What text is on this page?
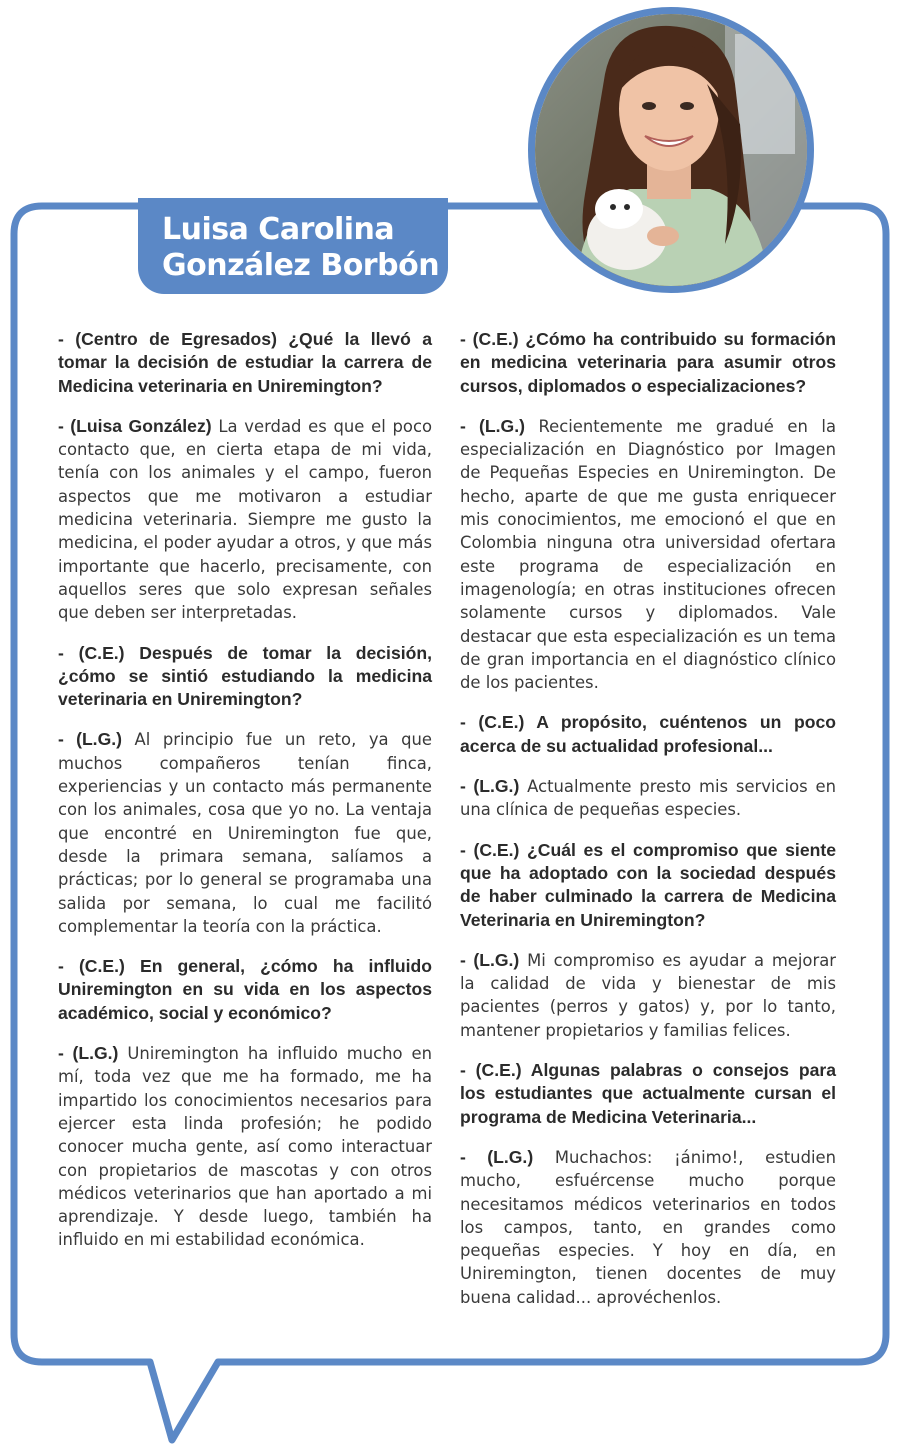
Luisa Carolina
González Borbón

- (Centro de Egresados) ¿Qué la llevó a tomar la decisión de estudiar la carrera de Medicina veterinaria en Uniremington?

- (Luisa González) La verdad es que el poco contacto que, en cierta etapa de mi vida, tenía con los animales y el campo, fueron aspectos que me motivaron a estudiar medicina veterinaria. Siempre me gusto la medicina, el poder ayudar a otros, y que más importante que hacerlo, precisamente, con aquellos seres que solo expresan señales que deben ser interpretadas.

- (C.E.) Después de tomar la decisión, ¿cómo se sintió estudiando la medicina veterinaria en Uniremington?

- (L.G.) Al principio fue un reto, ya que muchos compañeros tenían finca, experiencias y un contacto más permanente con los animales, cosa que yo no. La ventaja que encontré en Uniremington fue que, desde la primara semana, salíamos a prácticas; por lo general se programaba una salida por semana, lo cual me facilitó complementar la teoría con la práctica.

- (C.E.) En general, ¿cómo ha influido Uniremington en su vida en los aspectos académico, social y económico?

- (L.G.) Uniremington ha influido mucho en mí, toda vez que me ha formado, me ha impartido los conocimientos necesarios para ejercer esta linda profesión; he podido conocer mucha gente, así como interactuar con propietarios de mascotas y con otros médicos veterinarios que han aportado a mi aprendizaje. Y desde luego, también ha influido en mi estabilidad económica.

- (C.E.) ¿Cómo ha contribuido su formación en medicina veterinaria para asumir otros cursos, diplomados o especializaciones?

- (L.G.) Recientemente me gradué en la especialización en Diagnóstico por Imagen de Pequeñas Especies en Uniremington. De hecho, aparte de que me gusta enriquecer mis conocimientos, me emocionó el que en Colombia ninguna otra universidad ofertara este programa de especialización en imagenología; en otras instituciones ofrecen solamente cursos y diplomados. Vale destacar que esta especialización es un tema de gran importancia en el diagnóstico clínico de los pacientes.

- (C.E.) A propósito, cuéntenos un poco acerca de su actualidad profesional...

- (L.G.) Actualmente presto mis servicios en una clínica de pequeñas especies.

- (C.E.) ¿Cuál es el compromiso que siente que ha adoptado con la sociedad después de haber culminado la carrera de Medicina Veterinaria en Uniremington?

- (L.G.) Mi compromiso es ayudar a mejorar la calidad de vida y bienestar de mis pacientes (perros y gatos) y, por lo tanto, mantener propietarios y familias felices.

- (C.E.) Algunas palabras o consejos para los estudiantes que actualmente cursan el programa de Medicina Veterinaria...

- (L.G.) Muchachos: ¡ánimo!, estudien mucho, esfuércense mucho porque necesitamos médicos veterinarios en todos los campos, tanto, en grandes como pequeñas especies. Y hoy en día, en Uniremington, tienen docentes de muy buena calidad... aprovéchenlos.
